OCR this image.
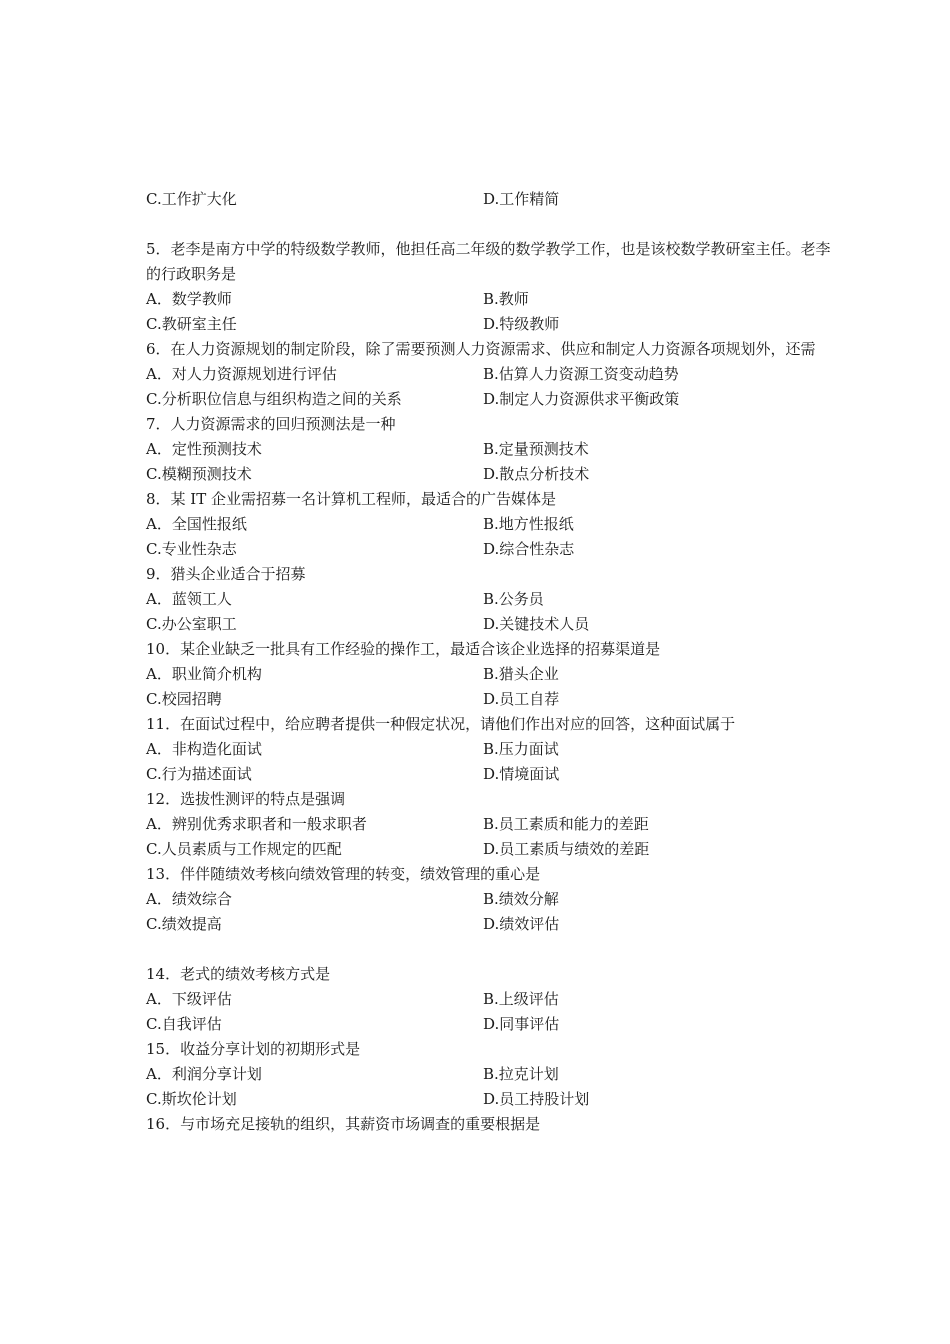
C.工作扩大化	D.工作精简
5．老李是南方中学的特级数学教师，他担任高二年级的数学教学工作，也是该校数学教研室主任。老李的行政职务是
A．数学教师	B.教师
C.教研室主任	D.特级教师
6．在人力资源规划的制定阶段，除了需要预测人力资源需求、供应和制定人力资源各项规划外，还需
A．对人力资源规划进行评估	B.估算人力资源工资变动趋势
C.分析职位信息与组织构造之间的关系	D.制定人力资源供求平衡政策
7．人力资源需求的回归预测法是一种
A．定性预测技术	B.定量预测技术
C.模糊预测技术	D.散点分析技术
8．某 IT 企业需招募一名计算机工程师，最适合的广告媒体是
A．全国性报纸	B.地方性报纸
C.专业性杂志	D.综合性杂志
9．猎头企业适合于招募
A．蓝领工人	B.公务员
C.办公室职工	D.关键技术人员
10．某企业缺乏一批具有工作经验的操作工，最适合该企业选择的招募渠道是
A．职业简介机构	B.猎头企业
C.校园招聘	D.员工自荐
11．在面试过程中，给应聘者提供一种假定状况，请他们作出对应的回答，这种面试属于
A．非构造化面试	B.压力面试
C.行为描述面试	D.情境面试
12．选拔性测评的特点是强调
A．辨别优秀求职者和一般求职者	B.员工素质和能力的差距
C.人员素质与工作规定的匹配	D.员工素质与绩效的差距
13．伴伴随绩效考核向绩效管理的转变，绩效管理的重心是
A．绩效综合	B.绩效分解
C.绩效提高	D.绩效评估
14．老式的绩效考核方式是
A．下级评估	B.上级评估
C.自我评估	D.同事评估
15．收益分享计划的初期形式是
A．利润分享计划	B.拉克计划
C.斯坎伦计划	D.员工持股计划
16．与市场充足接轨的组织，其薪资市场调查的重要根据是
